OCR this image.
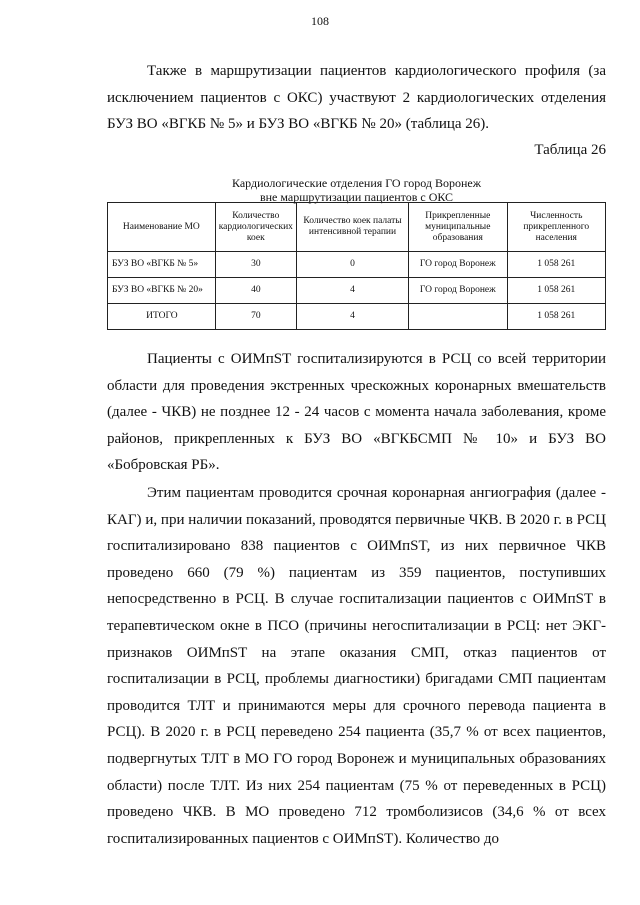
108

Также в маршрутизации пациентов кардиологического профиля (за исключением пациентов с ОКС) участвуют 2 кардиологических отделения БУЗ ВО «ВГКБ № 5» и БУЗ ВО «ВГКБ № 20» (таблица 26).

Таблица 26
Кардиологические отделения ГО город Воронеж
вне маршрутизации пациентов с ОКС
Наименование МО	Количество кардиологических коек	Количество коек палаты интенсивной терапии	Прикрепленные муниципальные образования	Численность прикрепленного населения
БУЗ ВО «ВГКБ № 5»	30	0	ГО город Воронеж	1 058 261
БУЗ ВО «ВГКБ № 20»	40	4	ГО город Воронеж	1 058 261
ИТОГО	70	4		1 058 261

Пациенты с ОИМпST госпитализируются в РСЦ со всей территории области для проведения экстренных чрескожных коронарных вмешательств (далее - ЧКВ) не позднее 12 - 24 часов с момента начала заболевания, кроме районов, прикрепленных к БУЗ ВО «ВГКБСМП № 10» и БУЗ ВО «Бобровская РБ».

Этим пациентам проводится срочная коронарная ангиография (далее - КАГ) и, при наличии показаний, проводятся первичные ЧКВ. В 2020 г. в РСЦ госпитализировано 838 пациентов с ОИМпST, из них первичное ЧКВ проведено 660 (79 %) пациентам из 359 пациентов, поступивших непосредственно в РСЦ. В случае госпитализации пациентов с ОИМпST в терапевтическом окне в ПСО (причины негоспитализации в РСЦ: нет ЭКГ-признаков ОИМпST на этапе оказания СМП, отказ пациентов от госпитализации в РСЦ, проблемы диагностики) бригадами СМП пациентам проводится ТЛТ и принимаются меры для срочного перевода пациента в РСЦ). В 2020 г. в РСЦ переведено 254 пациента (35,7 % от всех пациентов, подвергнутых ТЛТ в МО ГО город Воронеж и муниципальных образованиях области) после ТЛТ. Из них 254 пациентам (75 % от переведенных в РСЦ) проведено ЧКВ. В МО проведено 712 тромболизисов (34,6 % от всех госпитализированных пациентов с ОИМпST). Количество до
